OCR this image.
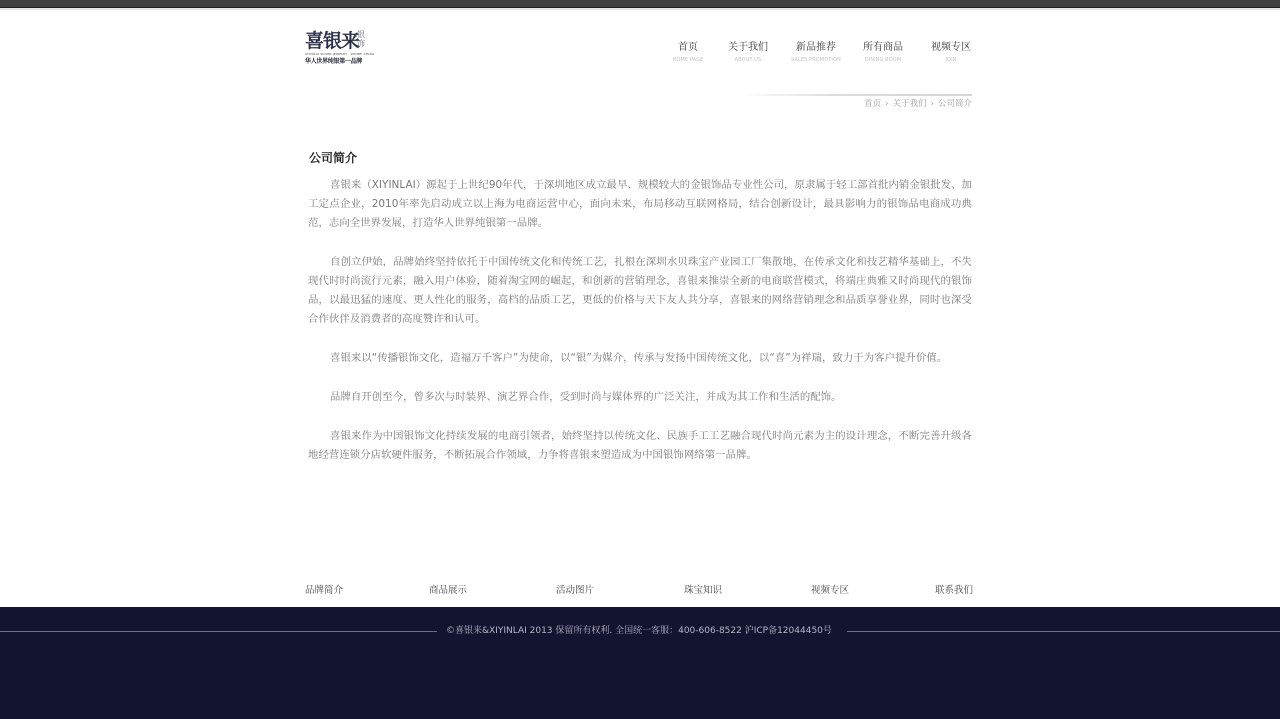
喜银来
银饰
XIYINLAI SILVER JEWELRY · ZUIMEI CHINA
华人世界纯银第一品牌
首页
HOME PAGE
关于我们
ABOUT US
新品推荐
SALES PROMOTION
所有商品
DINING ROOM
视频专区
JOIN
首页 › 关于我们 › 公司简介
公司简介

喜银来（XIYINLAI）源起于上世纪90年代，于深圳地区成立最早、规模较大的金银饰品专业性公司，原隶属于轻工部首批内销金银批发、加工定点企业，2010年率先启动成立以上海为电商运营中心，面向未来，布局移动互联网格局，结合创新设计，最具影响力的银饰品电商成功典范，志向全世界发展，打造华人世界纯银第一品牌。

自创立伊始，品牌始终坚持依托于中国传统文化和传统工艺，扎根在深圳水贝珠宝产业园工厂集散地，在传承文化和技艺精华基础上，不失现代时时尚流行元素，融入用户体验，随着淘宝网的崛起，和创新的营销理念，喜银来推崇全新的电商联营模式，将端庄典雅又时尚现代的银饰品，以最迅猛的速度、更人性化的服务，高档的品质工艺，更低的价格与天下友人共分享，喜银来的网络营销理念和品质享誉业界，同时也深受合作伙伴及消费者的高度赞许和认可。

喜银来以“传播银饰文化，造福万千客户”为使命，以“银”为媒介，传承与发扬中国传统文化，以“喜”为祥瑞，致力于为客户提升价值。

品牌自开创至今，曾多次与时装界、演艺界合作，受到时尚与媒体界的广泛关注，并成为其工作和生活的配饰。

喜银来作为中国银饰文化持续发展的电商引领者，始终坚持以传统文化、民族手工工艺融合现代时尚元素为主的设计理念，不断完善升级各地经营连锁分店软硬件服务，不断拓展合作领域，力争将喜银来塑造成为中国银饰网络第一品牌。

品牌简介	商品展示	活动图片	珠宝知识	视频专区	联系我们
©喜银来&XIYINLAI 2013 保留所有权利. 全国统一客服：400-606-8522 沪ICP备12044450号
